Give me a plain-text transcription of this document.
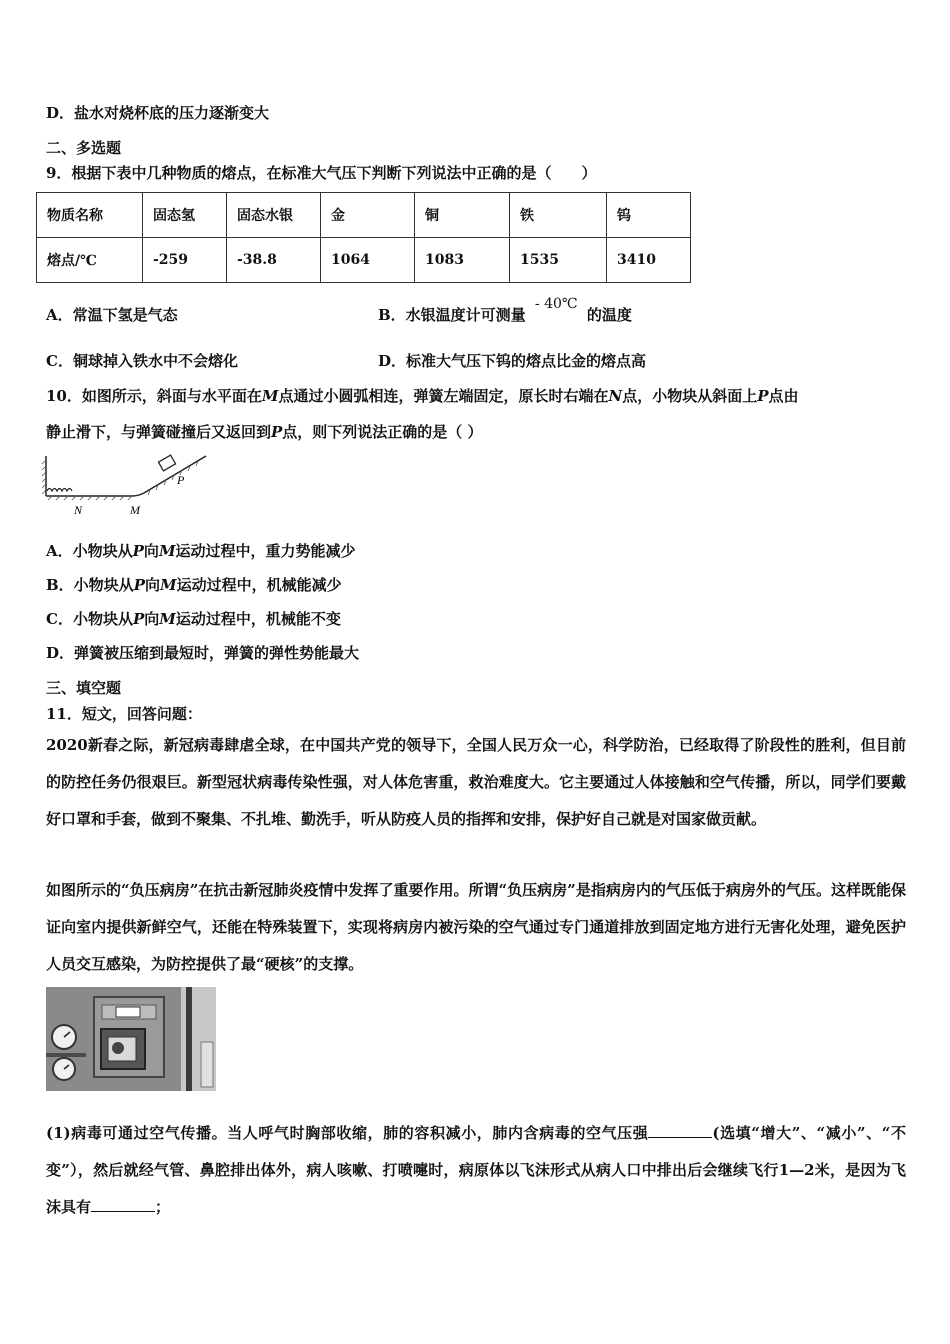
D．盐水对烧杯底的压力逐渐变大
二、多选题
9．根据下表中几种物质的熔点，在标准大气压下判断下列说法中正确的是（　　）
物质名称	固态氢	固态水银	金	铜	铁	钨
熔点/℃	-259	-38.8	1064	1083	1535	3410
A．常温下氢是气态	B．水银温度计可测量 - 40℃ 的温度
C．铜球掉入铁水中不会熔化	D．标准大气压下钨的熔点比金的熔点高
10．如图所示，斜面与水平面在M点通过小圆弧相连，弹簧左端固定，原长时右端在N点，小物块从斜面上P点由
静止滑下，与弹簧碰撞后又返回到P点，则下列说法正确的是（ ）
N	M
P
A．小物块从P向M运动过程中，重力势能减少
B．小物块从P向M运动过程中，机械能减少
C．小物块从P向M运动过程中，机械能不变
D．弹簧被压缩到最短时，弹簧的弹性势能最大
三、填空题
11．短文，回答问题：
2020新春之际，新冠病毒肆虐全球，在中国共产党的领导下，全国人民万众一心，科学防治，已经取得了阶段性的胜利，但目前的防控任务仍很艰巨。新型冠状病毒传染性强，对人体危害重，救治难度大。它主要通过人体接触和空气传播，所以，同学们要戴好口罩和手套，做到不聚集、不扎堆、勤洗手，听从防疫人员的指挥和安排，保护好自己就是对国家做贡献。
如图所示的“负压病房”在抗击新冠肺炎疫情中发挥了重要作用。所谓“负压病房”是指病房内的气压低于病房外的气压。这样既能保证向室内提供新鲜空气，还能在特殊装置下，实现将病房内被污染的空气通过专门通道排放到固定地方进行无害化处理，避免医护人员交互感染，为防控提供了最“硬核”的支撑。
(1)病毒可通过空气传播。当人呼气时胸部收缩，肺的容积减小，肺内含病毒的空气压强	(选填“增大”、“减小”、“不变”），然后就经气管、鼻腔排出体外，病人咳嗽、打喷嚏时，病原体以飞沫形式从病人口中排出后会继续飞行1—2米，是因为飞沫具有	；
